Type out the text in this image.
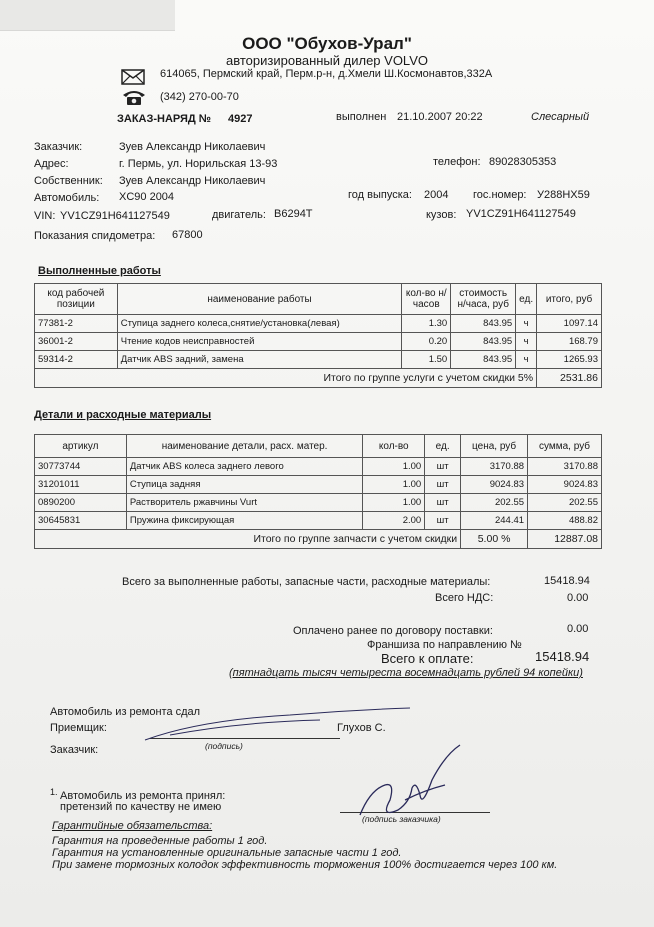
ООО "Обухов-Урал"
авторизированный дилер VOLVO
614065, Пермский край, Перм.р-н, д.Хмели Ш.Космонавтов,332А
(342) 270-00-70
ЗАКАЗ-НАРЯД № 4927	выполнен 21.10.2007 20:22	Слесарный
Заказчик:	Зуев Александр Николаевич
Адрес:	г. Пермь, ул. Норильская 13-93	телефон: 89028305353
Собственник: Зуев Александр Николаевич
Автомобиль: XC90 2004	год выпуска: 2004 гос.номер: У288НХ59
VIN: YV1CZ91H641127549	двигатель: B6294T	кузов: YV1CZ91H641127549
Показания спидометра: 67800
Выполненные работы
код рабочей позиции	наименование работы	кол-во н/часов	стоимость н/часа, руб	ед.	итого, руб
77381-2	Ступица заднего колеса,снятие/установка(левая)	1.30	843.95	ч	1097.14
36001-2	Чтение кодов неисправностей	0.20	843.95	ч	168.79
59314-2	Датчик ABS задний, замена	1.50	843.95	ч	1265.93
Итого по группе услуги с учетом скидки 5%					2531.86
Детали и расходные материалы
артикул	наименование детали, расх. матер.	кол-во	ед.	цена, руб	сумма, руб
30773744	Датчик ABS колеса заднего левого	1.00	шт	3170.88	3170.88
31201011	Ступица задняя	1.00	шт	9024.83	9024.83
0890200	Растворитель ржавчины Vurt	1.00	шт	202.55	202.55
30645831	Пружина фиксирующая	2.00	шт	244.41	488.82
Итого по группе запчасти с учетом скидки				5.00 %	12887.08
Всего за выполненные работы, запасные части, расходные материалы:	15418.94
Всего НДС:	0.00
Оплачено ранее по договору поставки:	0.00
Франшиза по направлению №
Всего к оплате:	15418.94
(пятнадцать тысяч четыреста восемнадцать рублей 94 копейки)
Автомобиль из ремонта сдал
Приемщик:	Глухов С.
(подпись)
Заказчик:
1. Автомобиль из ремонта принял:
претензий по качеству не имею
(подпись заказчика)
Гарантийные обязательства:
Гарантия на проведенные работы 1 год.
Гарантия на установленные оригинальные запасные части 1 год.
При замене тормозных колодок эффективность торможения 100% достигается через 100 км.
